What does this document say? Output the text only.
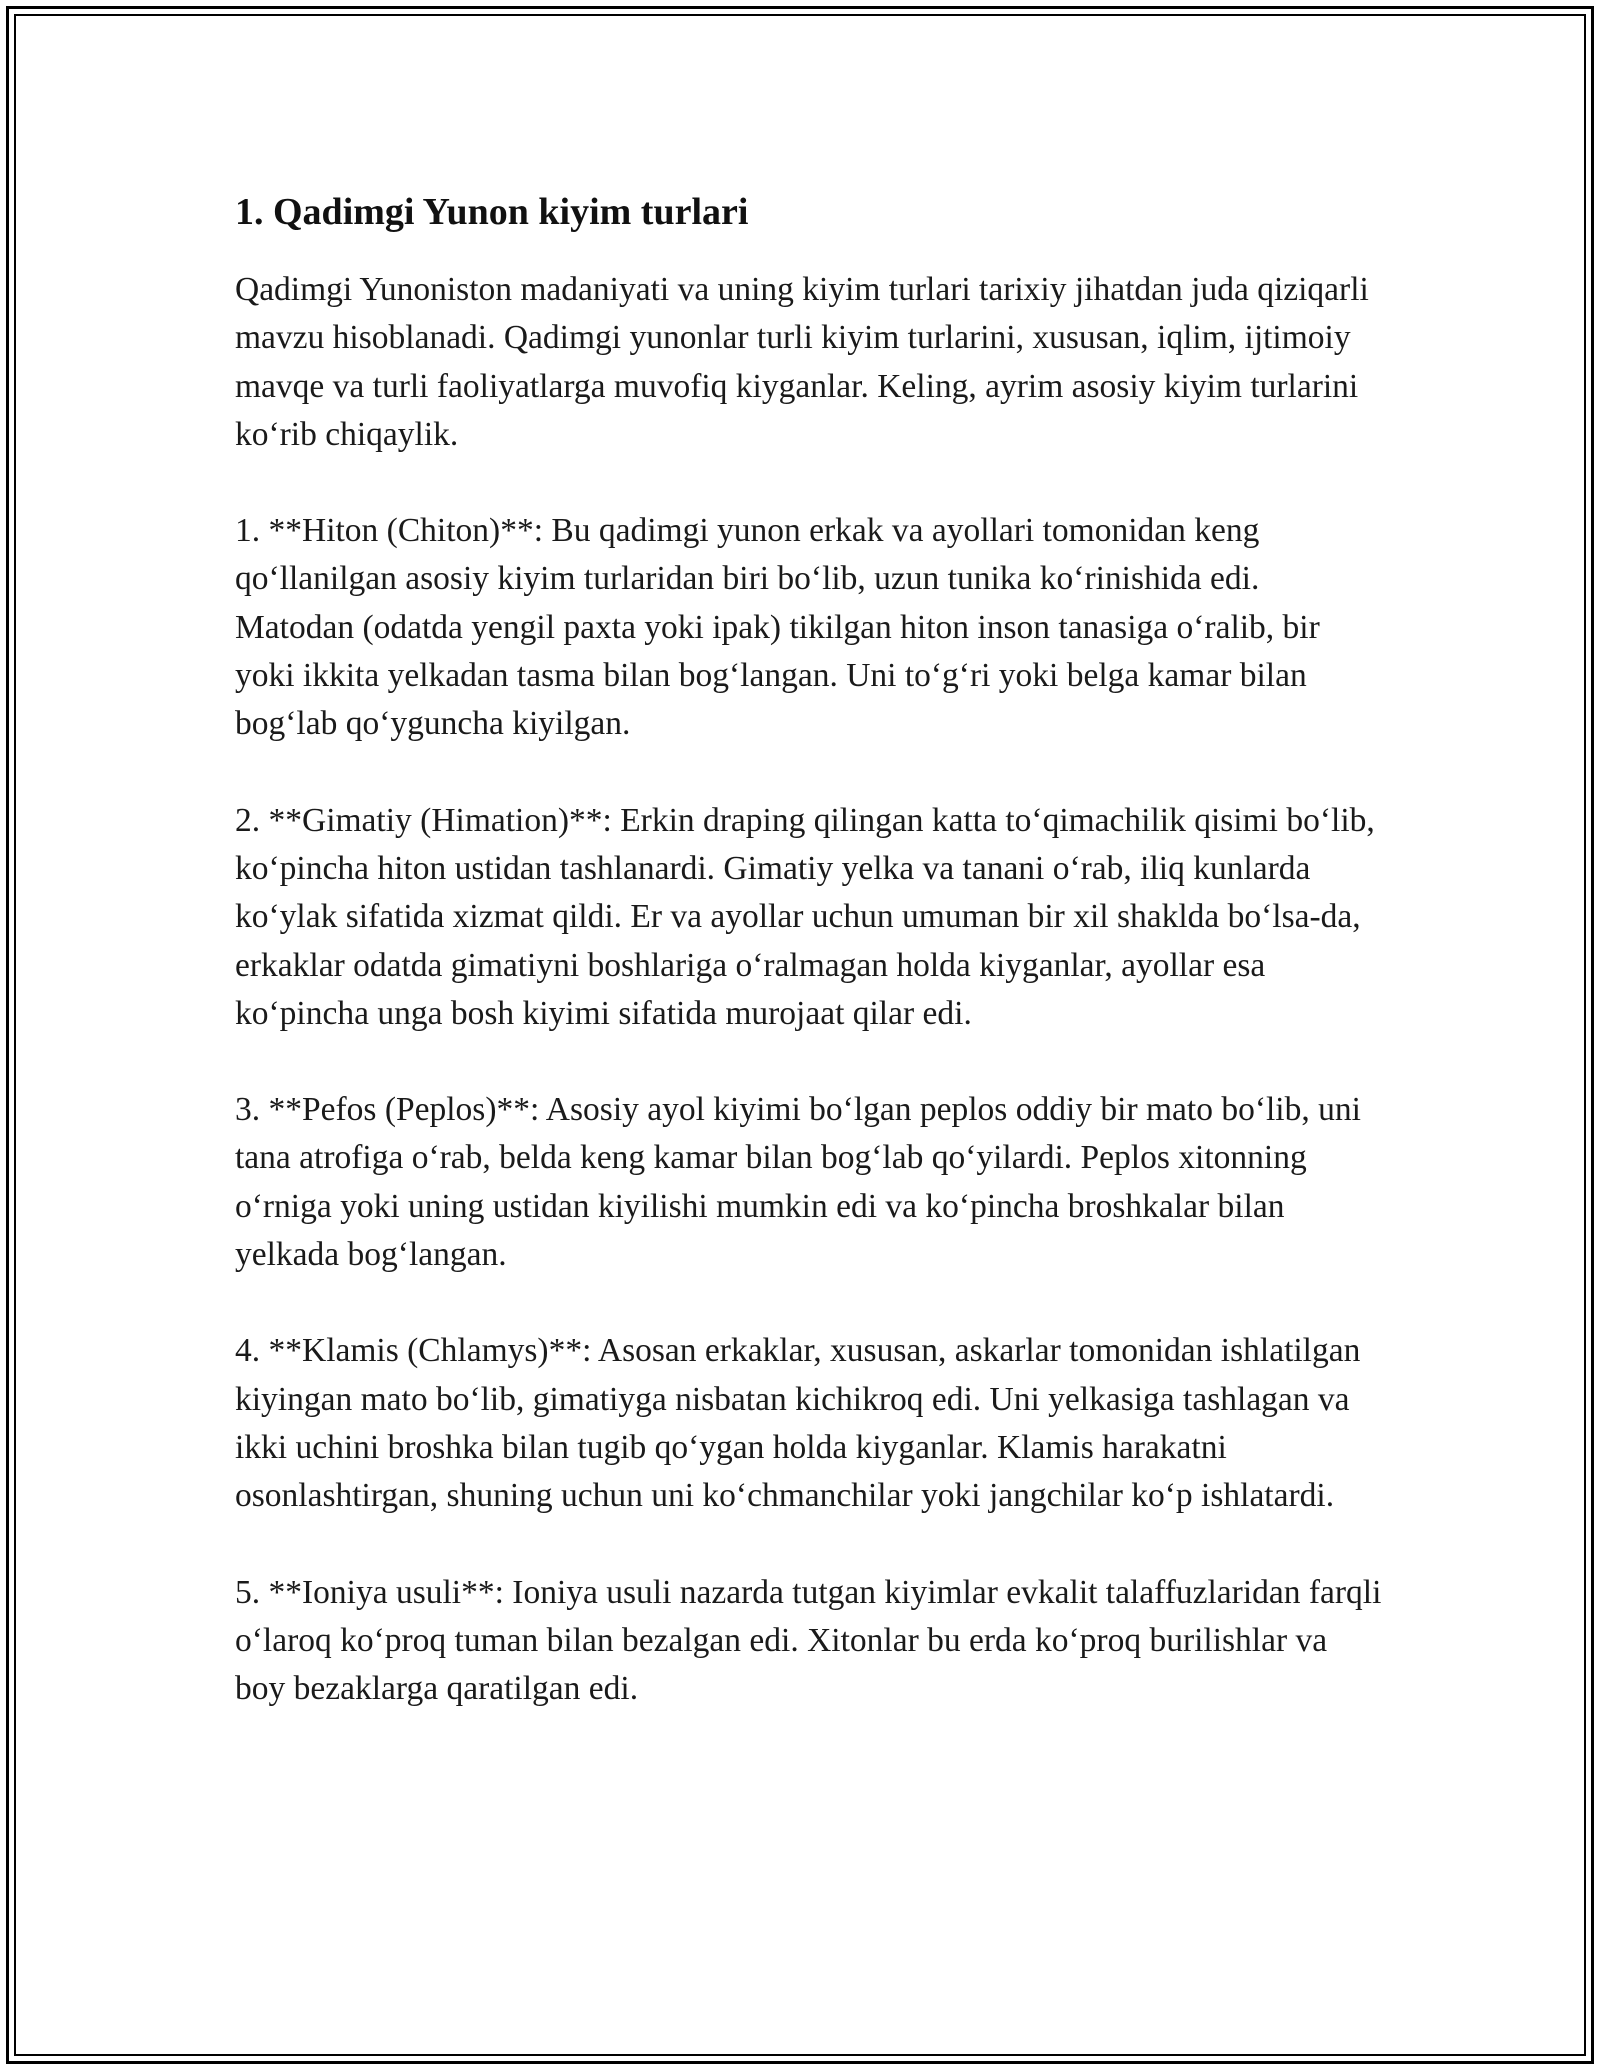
1. Qadimgi Yunon kiyim turlari

Qadimgi Yunoniston madaniyati va uning kiyim turlari tarixiy jihatdan juda qiziqarli mavzu hisoblanadi. Qadimgi yunonlar turli kiyim turlarini, xususan, iqlim, ijtimoiy mavqe va turli faoliyatlarga muvofiq kiyganlar. Keling, ayrim asosiy kiyim turlarini ko‘rib chiqaylik.

1. **Hiton (Chiton)**: Bu qadimgi yunon erkak va ayollari tomonidan keng qo‘llanilgan asosiy kiyim turlaridan biri bo‘lib, uzun tunika ko‘rinishida edi. Matodan (odatda yengil paxta yoki ipak) tikilgan hiton inson tanasiga o‘ralib, bir yoki ikkita yelkadan tasma bilan bog‘langan. Uni to‘g‘ri yoki belga kamar bilan bog‘lab qo‘yguncha kiyilgan.

2. **Gimatiy (Himation)**: Erkin draping qilingan katta to‘qimachilik qisimi bo‘lib, ko‘pincha hiton ustidan tashlanardi. Gimatiy yelka va tanani o‘rab, iliq kunlarda ko‘ylak sifatida xizmat qildi. Er va ayollar uchun umuman bir xil shaklda bo‘lsa-da, erkaklar odatda gimatiyni boshlariga o‘ralmagan holda kiyganlar, ayollar esa ko‘pincha unga bosh kiyimi sifatida murojaat qilar edi.

3. **Pefos (Peplos)**: Asosiy ayol kiyimi bo‘lgan peplos oddiy bir mato bo‘lib, uni tana atrofiga o‘rab, belda keng kamar bilan bog‘lab qo‘yilardi. Peplos xitonning o‘rniga yoki uning ustidan kiyilishi mumkin edi va ko‘pincha broshkalar bilan yelkada bog‘langan.

4. **Klamis (Chlamys)**: Asosan erkaklar, xususan, askarlar tomonidan ishlatilgan kiyingan mato bo‘lib, gimatiyga nisbatan kichikroq edi. Uni yelkasiga tashlagan va ikki uchini broshka bilan tugib qo‘ygan holda kiyganlar. Klamis harakatni osonlashtirgan, shuning uchun uni ko‘chmanchilar yoki jangchilar ko‘p ishlatardi.

5. **Ioniya usuli**: Ioniya usuli nazarda tutgan kiyimlar evkalit talaffuzlaridan farqli o‘laroq ko‘proq tuman bilan bezalgan edi. Xitonlar bu erda ko‘proq burilishlar va boy bezaklarga qaratilgan edi.
